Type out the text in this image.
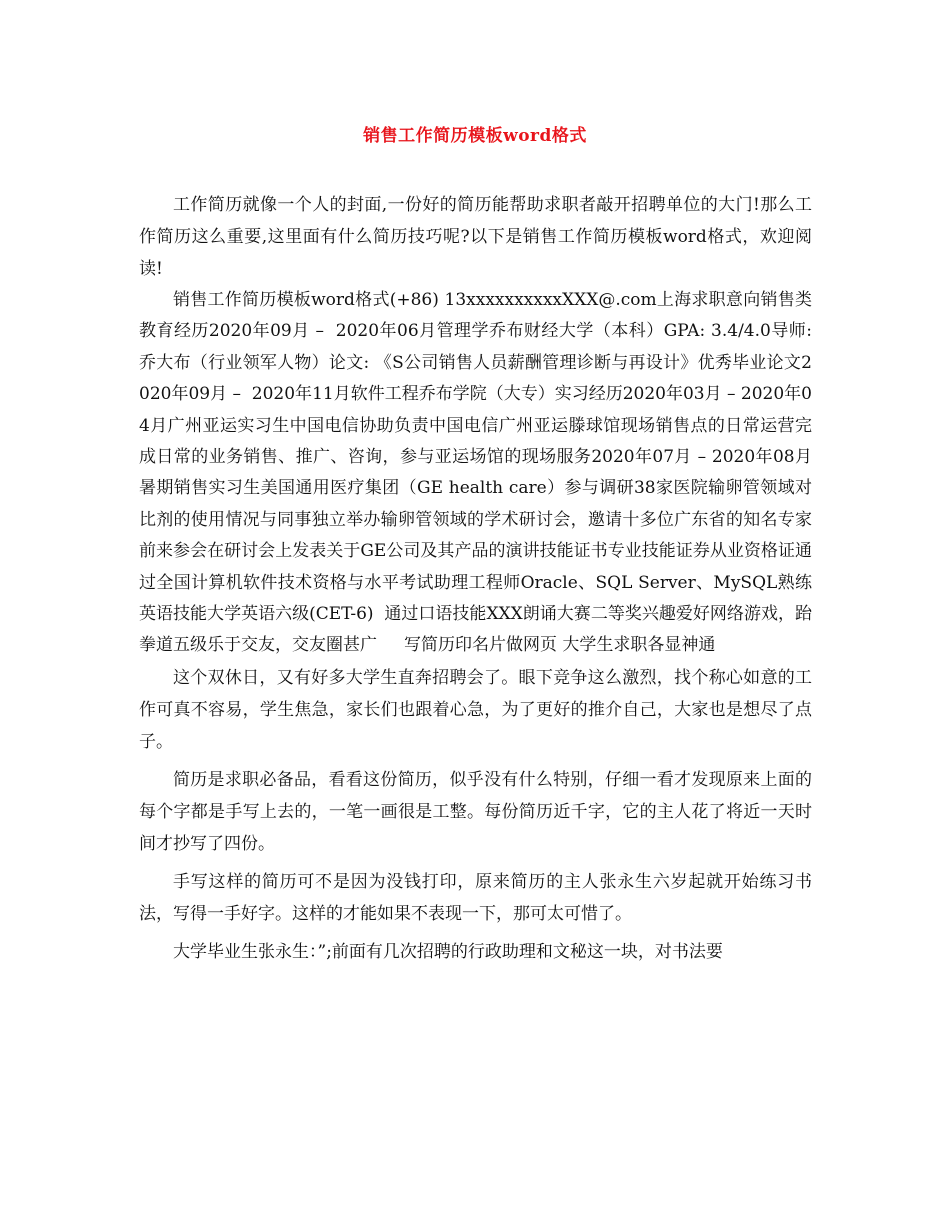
销售工作简历模板word格式

工作简历就像一个人的封面,一份好的简历能帮助求职者敲开招聘单位的大门!那么工作简历这么重要,这里面有什么简历技巧呢?以下是销售工作简历模板word格式，欢迎阅读!

销售工作简历模板word格式(+86) 13xxxxxxxxxxXXX@.com上海求职意向销售类教育经历2020年09月 –  2020年06月管理学乔布财经大学（本科）GPA: 3.4/4.0导师: 乔大布（行业领军人物）论文: 《S公司销售人员薪酬管理诊断与再设计》优秀毕业论文2020年09月 –  2020年11月软件工程乔布学院（大专）实习经历2020年03月 – 2020年04月广州亚运实习生中国电信协助负责中国电信广州亚运滕球馆现场销售点的日常运营完成日常的业务销售、推广、咨询，参与亚运场馆的现场服务2020年07月 – 2020年08月暑期销售实习生美国通用医疗集团（GE health care）参与调研38家医院输卵管领域对比剂的使用情况与同事独立举办输卵管领域的学术研讨会，邀请十多位广东省的知名专家前来参会在研讨会上发表关于GE公司及其产品的演讲技能证书专业技能证券从业资格证通过全国计算机软件技术资格与水平考试助理工程师Oracle、SQL Server、MySQL熟练英语技能大学英语六级(CET-6)  通过口语技能XXX朗诵大赛二等奖兴趣爱好网络游戏，跆拳道五级乐于交友，交友圈甚广     写简历印名片做网页 大学生求职各显神通

这个双休日，又有好多大学生直奔招聘会了。眼下竞争这么激烈，找个称心如意的工作可真不容易，学生焦急，家长们也跟着心急，为了更好的推介自己，大家也是想尽了点子。

简历是求职必备品，看看这份简历，似乎没有什么特别，仔细一看才发现原来上面的每个字都是手写上去的，一笔一画很是工整。每份简历近千字，它的主人花了将近一天时间才抄写了四份。

手写这样的简历可不是因为没钱打印，原来简历的主人张永生六岁起就开始练习书法，写得一手好字。这样的才能如果不表现一下，那可太可惜了。

大学毕业生张永生：”;前面有几次招聘的行政助理和文秘这一块，对书法要
